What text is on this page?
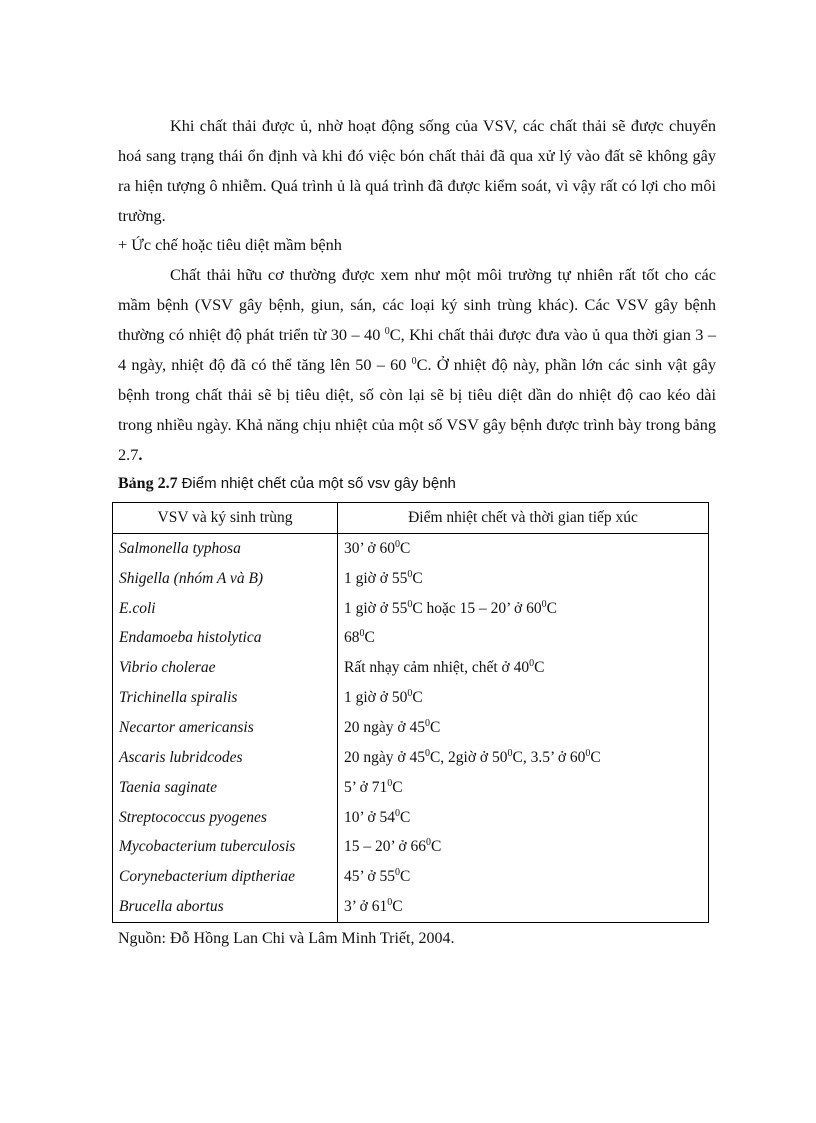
Khi chất thải được ủ, nhờ hoạt động sống của VSV, các chất thải sẽ được chuyển hoá sang trạng thái ổn định và khi đó việc bón chất thải đã qua xử lý vào đất sẽ không gây ra hiện tượng ô nhiễm. Quá trình ủ là quá trình đã được kiểm soát, vì vậy rất có lợi cho môi trường.

+ Ức chế hoặc tiêu diệt mầm bệnh

Chất thải hữu cơ thường được xem như một môi trường tự nhiên rất tốt cho các mầm bệnh (VSV gây bệnh, giun, sán, các loại ký sinh trùng khác). Các VSV gây bệnh thường có nhiệt độ phát triển từ 30 – 40 $^0$C, Khi chất thải được đưa vào ủ qua thời gian 3 – 4 ngày, nhiệt độ đã có thể tăng lên 50 – 60 $^0$C. Ở nhiệt độ này, phần lớn các sinh vật gây bệnh trong chất thải sẽ bị tiêu diệt, số còn lại sẽ bị tiêu diệt dần do nhiệt độ cao kéo dài trong nhiều ngày. Khả năng chịu nhiệt của một số VSV gây bệnh được trình bày trong bảng 2.7.

Bảng 2.7 Điểm nhiệt chết của một số vsv gây bệnh
VSV và ký sinh trùng	Điểm nhiệt chết và thời gian tiếp xúc
Salmonella typhosa	30’ ở $60^0C$
Shigella (nhóm A và B)	1 giờ ở $55^0C$
E.coli	1 giờ ở $55^0C$ hoặc 15 – 20’ ở $60^0C$
Endamoeba histolytica	$68^0C$
Vibrio cholerae	Rất nhạy cảm nhiệt, chết ở $40^0C$
Trichinella spiralis	1 giờ ở $50^0C$
Necartor americansis	20 ngày ở $45^0C$
Ascaris lubridcodes	20 ngày ở $45^0C$, 2giờ ở $50^0C$, 3.5’ ở $60^0C$
Taenia saginate	5’ ở $71^0C$
Streptococcus pyogenes	10’ ở $54^0C$
Mycobacterium tuberculosis	15 – 20’ ở $66^0C$
Corynebacterium diptheriae	45’ ở $55^0C$
Brucella abortus	3’ ở $61^0C$
Nguồn: Đỗ Hồng Lan Chi và Lâm Minh Triết, 2004.
